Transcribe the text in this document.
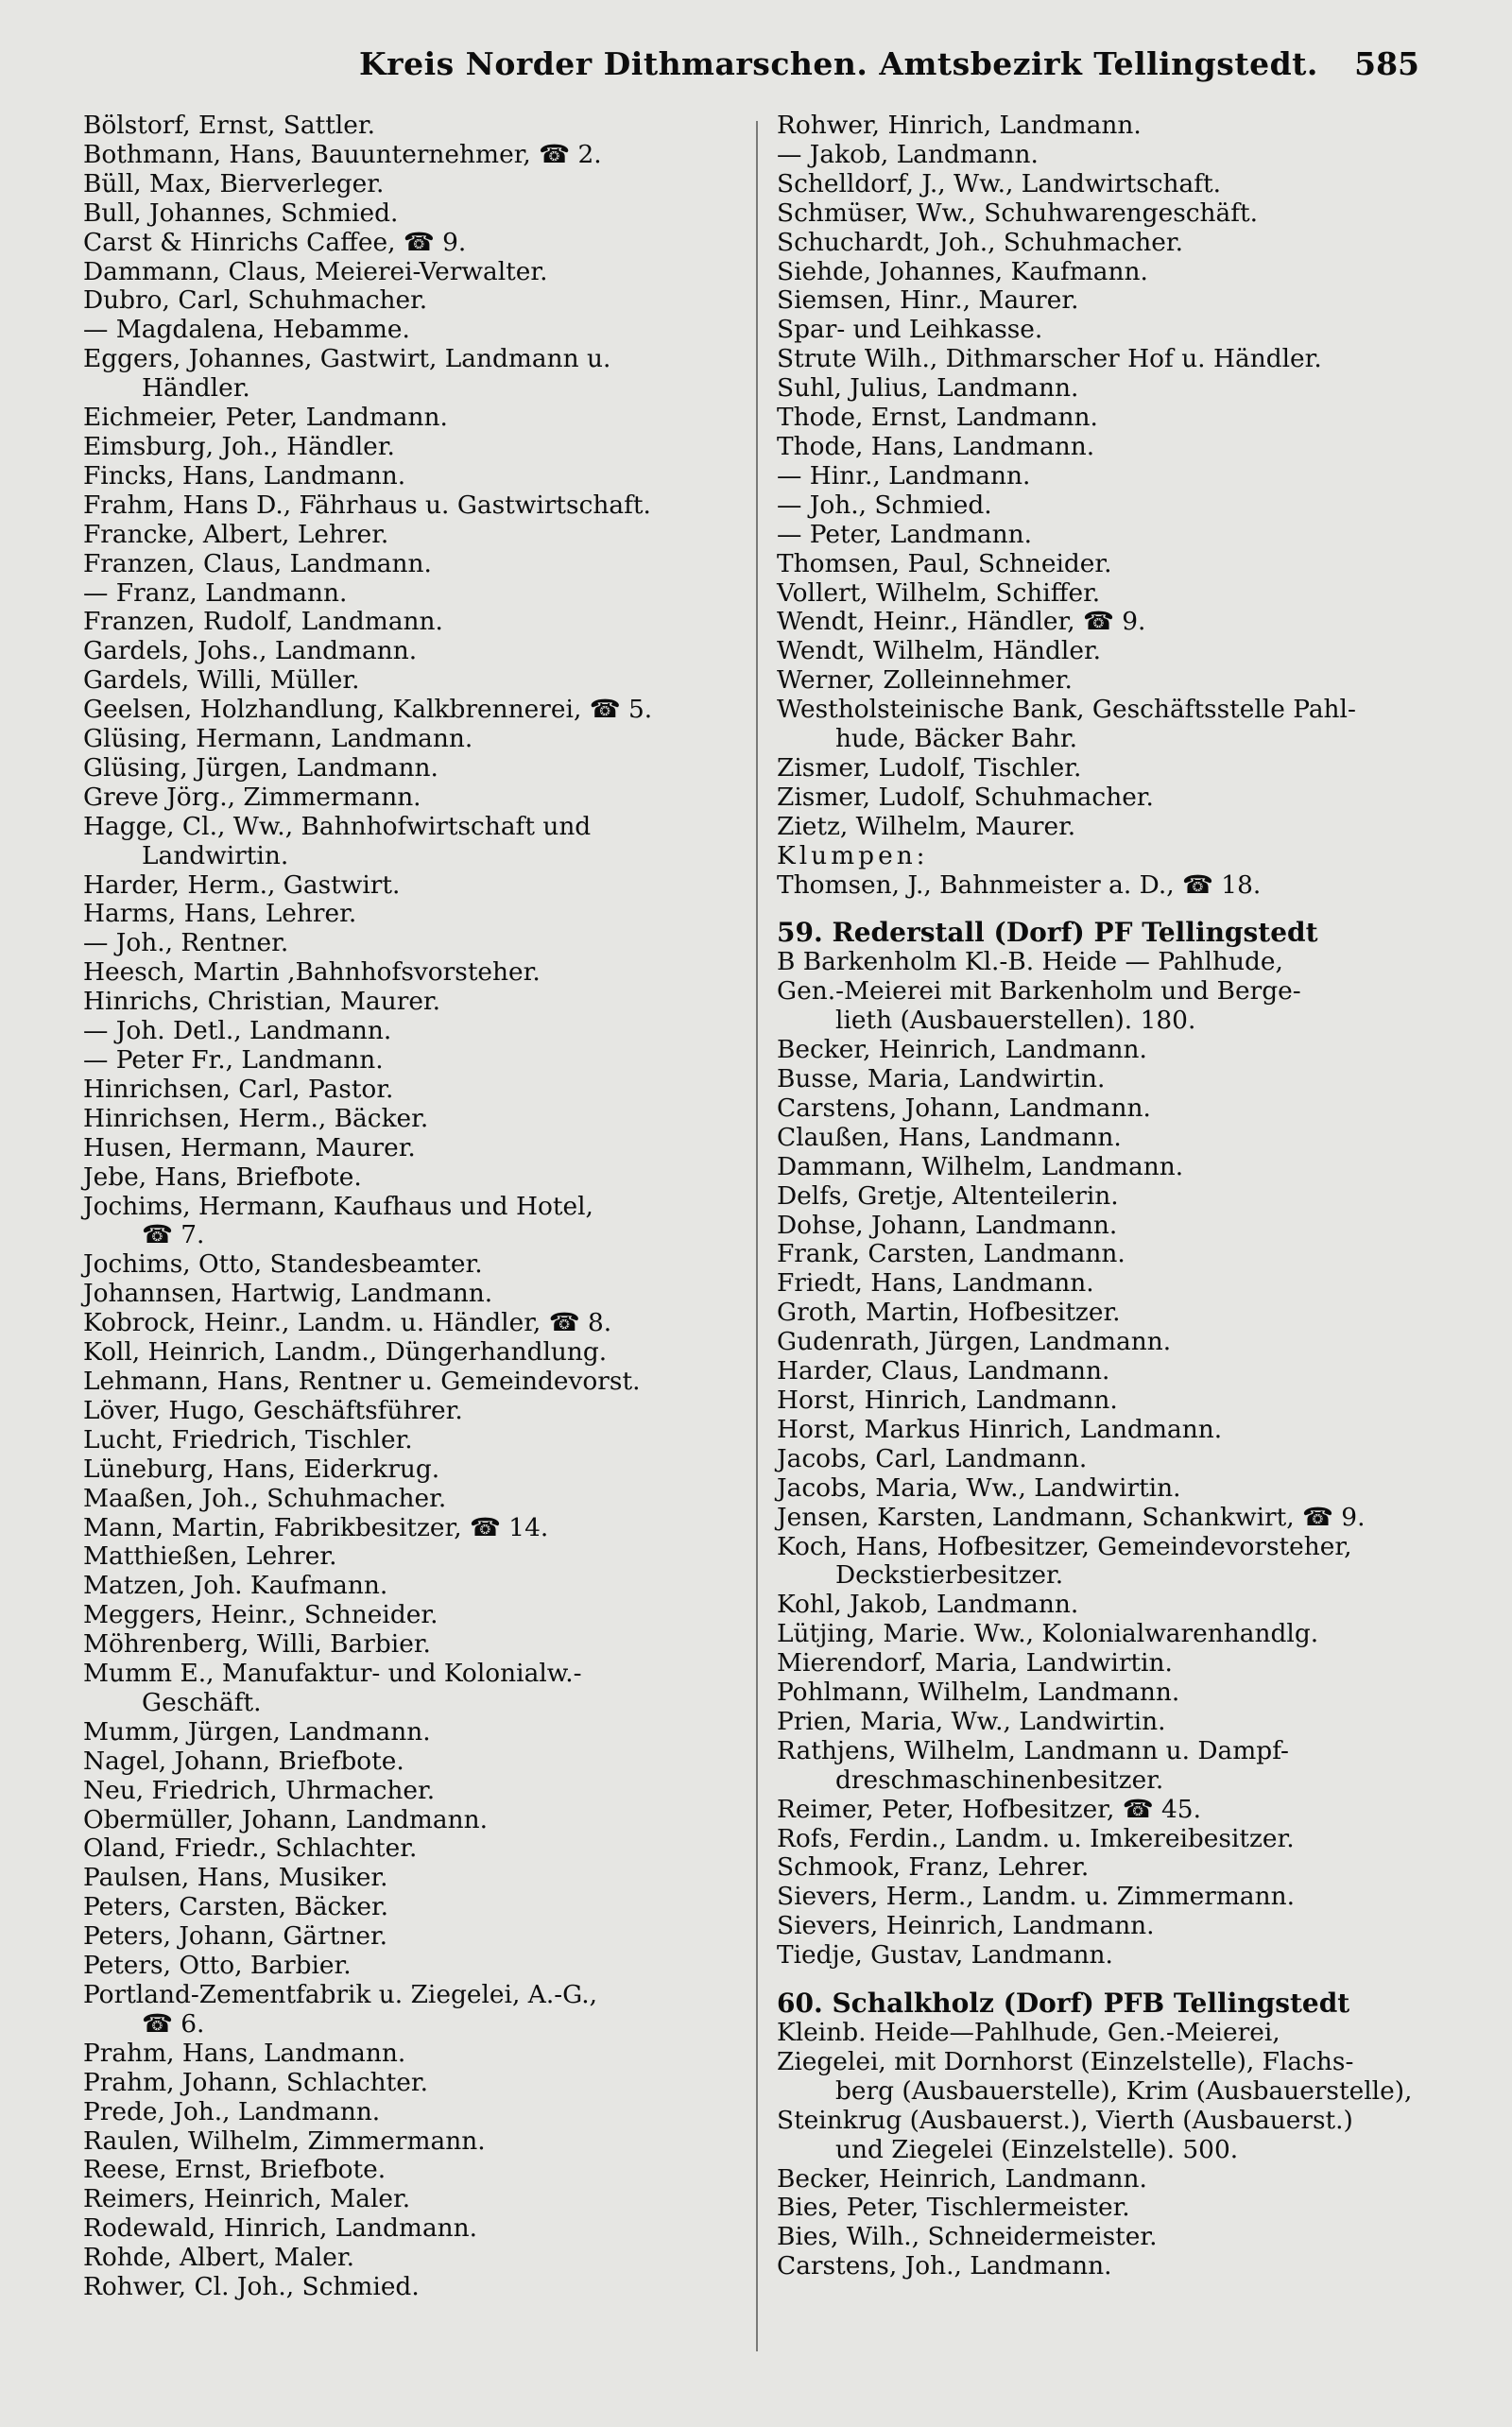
Kreis Norder Dithmarschen. Amtsbezirk Tellingstedt. 585
Bölstorf, Ernst, Sattler.
Bothmann, Hans, Bauunternehmer, ☎ 2.
Büll, Max, Bierverleger.
Bull, Johannes, Schmied.
Carst & Hinrichs Caffee, ☎ 9.
Dammann, Claus, Meierei-Verwalter.
Dubro, Carl, Schuhmacher.
— Magdalena, Hebamme.
Eggers, Johannes, Gastwirt, Landmann u.
Händler.
Eichmeier, Peter, Landmann.
Eimsburg, Joh., Händler.
Fincks, Hans, Landmann.
Frahm, Hans D., Fährhaus u. Gastwirtschaft.
Francke, Albert, Lehrer.
Franzen, Claus, Landmann.
— Franz, Landmann.
Franzen, Rudolf, Landmann.
Gardels, Johs., Landmann.
Gardels, Willi, Müller.
Geelsen, Holzhandlung, Kalkbrennerei, ☎ 5.
Glüsing, Hermann, Landmann.
Glüsing, Jürgen, Landmann.
Greve Jörg., Zimmermann.
Hagge, Cl., Ww., Bahnhofwirtschaft und
Landwirtin.
Harder, Herm., Gastwirt.
Harms, Hans, Lehrer.
— Joh., Rentner.
Heesch, Martin ,Bahnhofsvorsteher.
Hinrichs, Christian, Maurer.
— Joh. Detl., Landmann.
— Peter Fr., Landmann.
Hinrichsen, Carl, Pastor.
Hinrichsen, Herm., Bäcker.
Husen, Hermann, Maurer.
Jebe, Hans, Briefbote.
Jochims, Hermann, Kaufhaus und Hotel,
☎ 7.
Jochims, Otto, Standesbeamter.
Johannsen, Hartwig, Landmann.
Kobrock, Heinr., Landm. u. Händler, ☎ 8.
Koll, Heinrich, Landm., Düngerhandlung.
Lehmann, Hans, Rentner u. Gemeindevorst.
Löver, Hugo, Geschäftsführer.
Lucht, Friedrich, Tischler.
Lüneburg, Hans, Eiderkrug.
Maaßen, Joh., Schuhmacher.
Mann, Martin, Fabrikbesitzer, ☎ 14.
Matthießen, Lehrer.
Matzen, Joh. Kaufmann.
Meggers, Heinr., Schneider.
Möhrenberg, Willi, Barbier.
Mumm E., Manufaktur- und Kolonialw.-
Geschäft.
Mumm, Jürgen, Landmann.
Nagel, Johann, Briefbote.
Neu, Friedrich, Uhrmacher.
Obermüller, Johann, Landmann.
Oland, Friedr., Schlachter.
Paulsen, Hans, Musiker.
Peters, Carsten, Bäcker.
Peters, Johann, Gärtner.
Peters, Otto, Barbier.
Portland-Zementfabrik u. Ziegelei, A.-G.,
☎ 6.
Prahm, Hans, Landmann.
Prahm, Johann, Schlachter.
Prede, Joh., Landmann.
Raulen, Wilhelm, Zimmermann.
Reese, Ernst, Briefbote.
Reimers, Heinrich, Maler.
Rodewald, Hinrich, Landmann.
Rohde, Albert, Maler.
Rohwer, Cl. Joh., Schmied.
Rohwer, Hinrich, Landmann.
— Jakob, Landmann.
Schelldorf, J., Ww., Landwirtschaft.
Schmüser, Ww., Schuhwarengeschäft.
Schuchardt, Joh., Schuhmacher.
Siehde, Johannes, Kaufmann.
Siemsen, Hinr., Maurer.
Spar- und Leihkasse.
Strute Wilh., Dithmarscher Hof u. Händler.
Suhl, Julius, Landmann.
Thode, Ernst, Landmann.
Thode, Hans, Landmann.
— Hinr., Landmann.
— Joh., Schmied.
— Peter, Landmann.
Thomsen, Paul, Schneider.
Vollert, Wilhelm, Schiffer.
Wendt, Heinr., Händler, ☎ 9.
Wendt, Wilhelm, Händler.
Werner, Zolleinnehmer.
Westholsteinische Bank, Geschäftsstelle Pahl-
hude, Bäcker Bahr.
Zismer, Ludolf, Tischler.
Zismer, Ludolf, Schuhmacher.
Zietz, Wilhelm, Maurer.
Klumpen:
Thomsen, J., Bahnmeister a. D., ☎ 18.
59. Rederstall (Dorf) PF Tellingstedt
B Barkenholm Kl.-B. Heide — Pahlhude,
Gen.-Meierei mit Barkenholm und Berge-
lieth (Ausbauerstellen). 180.
Becker, Heinrich, Landmann.
Busse, Maria, Landwirtin.
Carstens, Johann, Landmann.
Claußen, Hans, Landmann.
Dammann, Wilhelm, Landmann.
Delfs, Gretje, Altenteilerin.
Dohse, Johann, Landmann.
Frank, Carsten, Landmann.
Friedt, Hans, Landmann.
Groth, Martin, Hofbesitzer.
Gudenrath, Jürgen, Landmann.
Harder, Claus, Landmann.
Horst, Hinrich, Landmann.
Horst, Markus Hinrich, Landmann.
Jacobs, Carl, Landmann.
Jacobs, Maria, Ww., Landwirtin.
Jensen, Karsten, Landmann, Schankwirt, ☎ 9.
Koch, Hans, Hofbesitzer, Gemeindevorsteher,
Deckstierbesitzer.
Kohl, Jakob, Landmann.
Lütjing, Marie. Ww., Kolonialwarenhandlg.
Mierendorf, Maria, Landwirtin.
Pohlmann, Wilhelm, Landmann.
Prien, Maria, Ww., Landwirtin.
Rathjens, Wilhelm, Landmann u. Dampf-
dreschmaschinenbesitzer.
Reimer, Peter, Hofbesitzer, ☎ 45.
Rofs, Ferdin., Landm. u. Imkereibesitzer.
Schmook, Franz, Lehrer.
Sievers, Herm., Landm. u. Zimmermann.
Sievers, Heinrich, Landmann.
Tiedje, Gustav, Landmann.
60. Schalkholz (Dorf) PFB Tellingstedt
Kleinb. Heide—Pahlhude, Gen.-Meierei,
Ziegelei, mit Dornhorst (Einzelstelle), Flachs-
berg (Ausbauerstelle), Krim (Ausbauerstelle),
Steinkrug (Ausbauerst.), Vierth (Ausbauerst.)
und Ziegelei (Einzelstelle). 500.
Becker, Heinrich, Landmann.
Bies, Peter, Tischlermeister.
Bies, Wilh., Schneidermeister.
Carstens, Joh., Landmann.
